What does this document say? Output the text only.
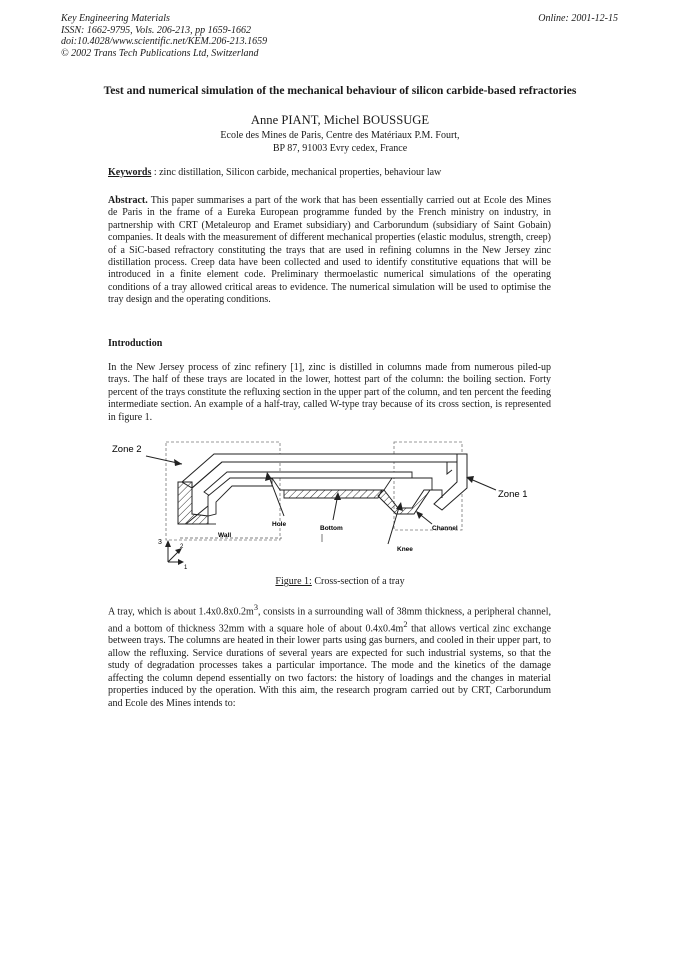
Key Engineering Materials
ISSN: 1662-9795, Vols. 206-213, pp 1659-1662
doi:10.4028/www.scientific.net/KEM.206-213.1659
© 2002 Trans Tech Publications Ltd, Switzerland
Online: 2001-12-15
Test and numerical simulation of the mechanical behaviour of silicon carbide-based refractories
Anne PIANT, Michel BOUSSUGE
Ecole des Mines de Paris, Centre des Matériaux P.M. Fourt,
BP 87, 91003 Evry cedex, France
Keywords : zinc distillation, Silicon carbide, mechanical properties, behaviour law
Abstract. This paper summarises a part of the work that has been essentially carried out at Ecole des Mines de Paris in the frame of a Eureka European programme funded by the French ministry on industry, in partnership with CRT (Metaleurop and Eramet subsidiary) and Carborundum (subsidiary of Saint Gobain) companies. It deals with the measurement of different mechanical properties (elastic modulus, strength, creep) of a SiC-based refractory constituting the trays that are used in refining columns in the New Jersey zinc distillation process. Creep data have been collected and used to identify constitutive equations that will be introduced in a finite element code. Preliminary thermoelastic numerical simulations of the operating conditions of a tray allowed critical areas to evidence. The numerical simulation will be used to optimise the tray design and the operating conditions.
Introduction
In the New Jersey process of zinc refinery [1], zinc is distilled in columns made from numerous piled-up trays. The half of these trays are located in the lower, hottest part of the column: the boiling section. Forty percent of the trays constitute the refluxing section in the upper part of the column, and ten percent the feeding intermediate section. An example of a half-tray, called W-type tray because of its cross section, is represented in figure 1.
Zone 2
Zone 1
Hole
Bottom	Channel
Wall
Knee
3
2
1
Figure 1: Cross-section of a tray
A tray, which is about $1.4x0.8x0.2m^3$, consists in a surrounding wall of 38mm thickness, a peripheral channel, and a bottom of thickness 32mm with a square hole of about $0.4x0.4m^2$ that allows vertical zinc exchange between trays. The columns are heated in their lower parts using gas burners, and cooled in their upper part, to allow the refluxing. Service durations of several years are expected for such industrial systems, so that the study of degradation processes takes a particular importance. The mode and the kinetics of the damage affecting the column depend essentially on two factors: the history of loadings and the changes in material properties induced by the operation. With this aim, the research program carried out by CRT, Carborundum and Ecole des Mines intends to:
